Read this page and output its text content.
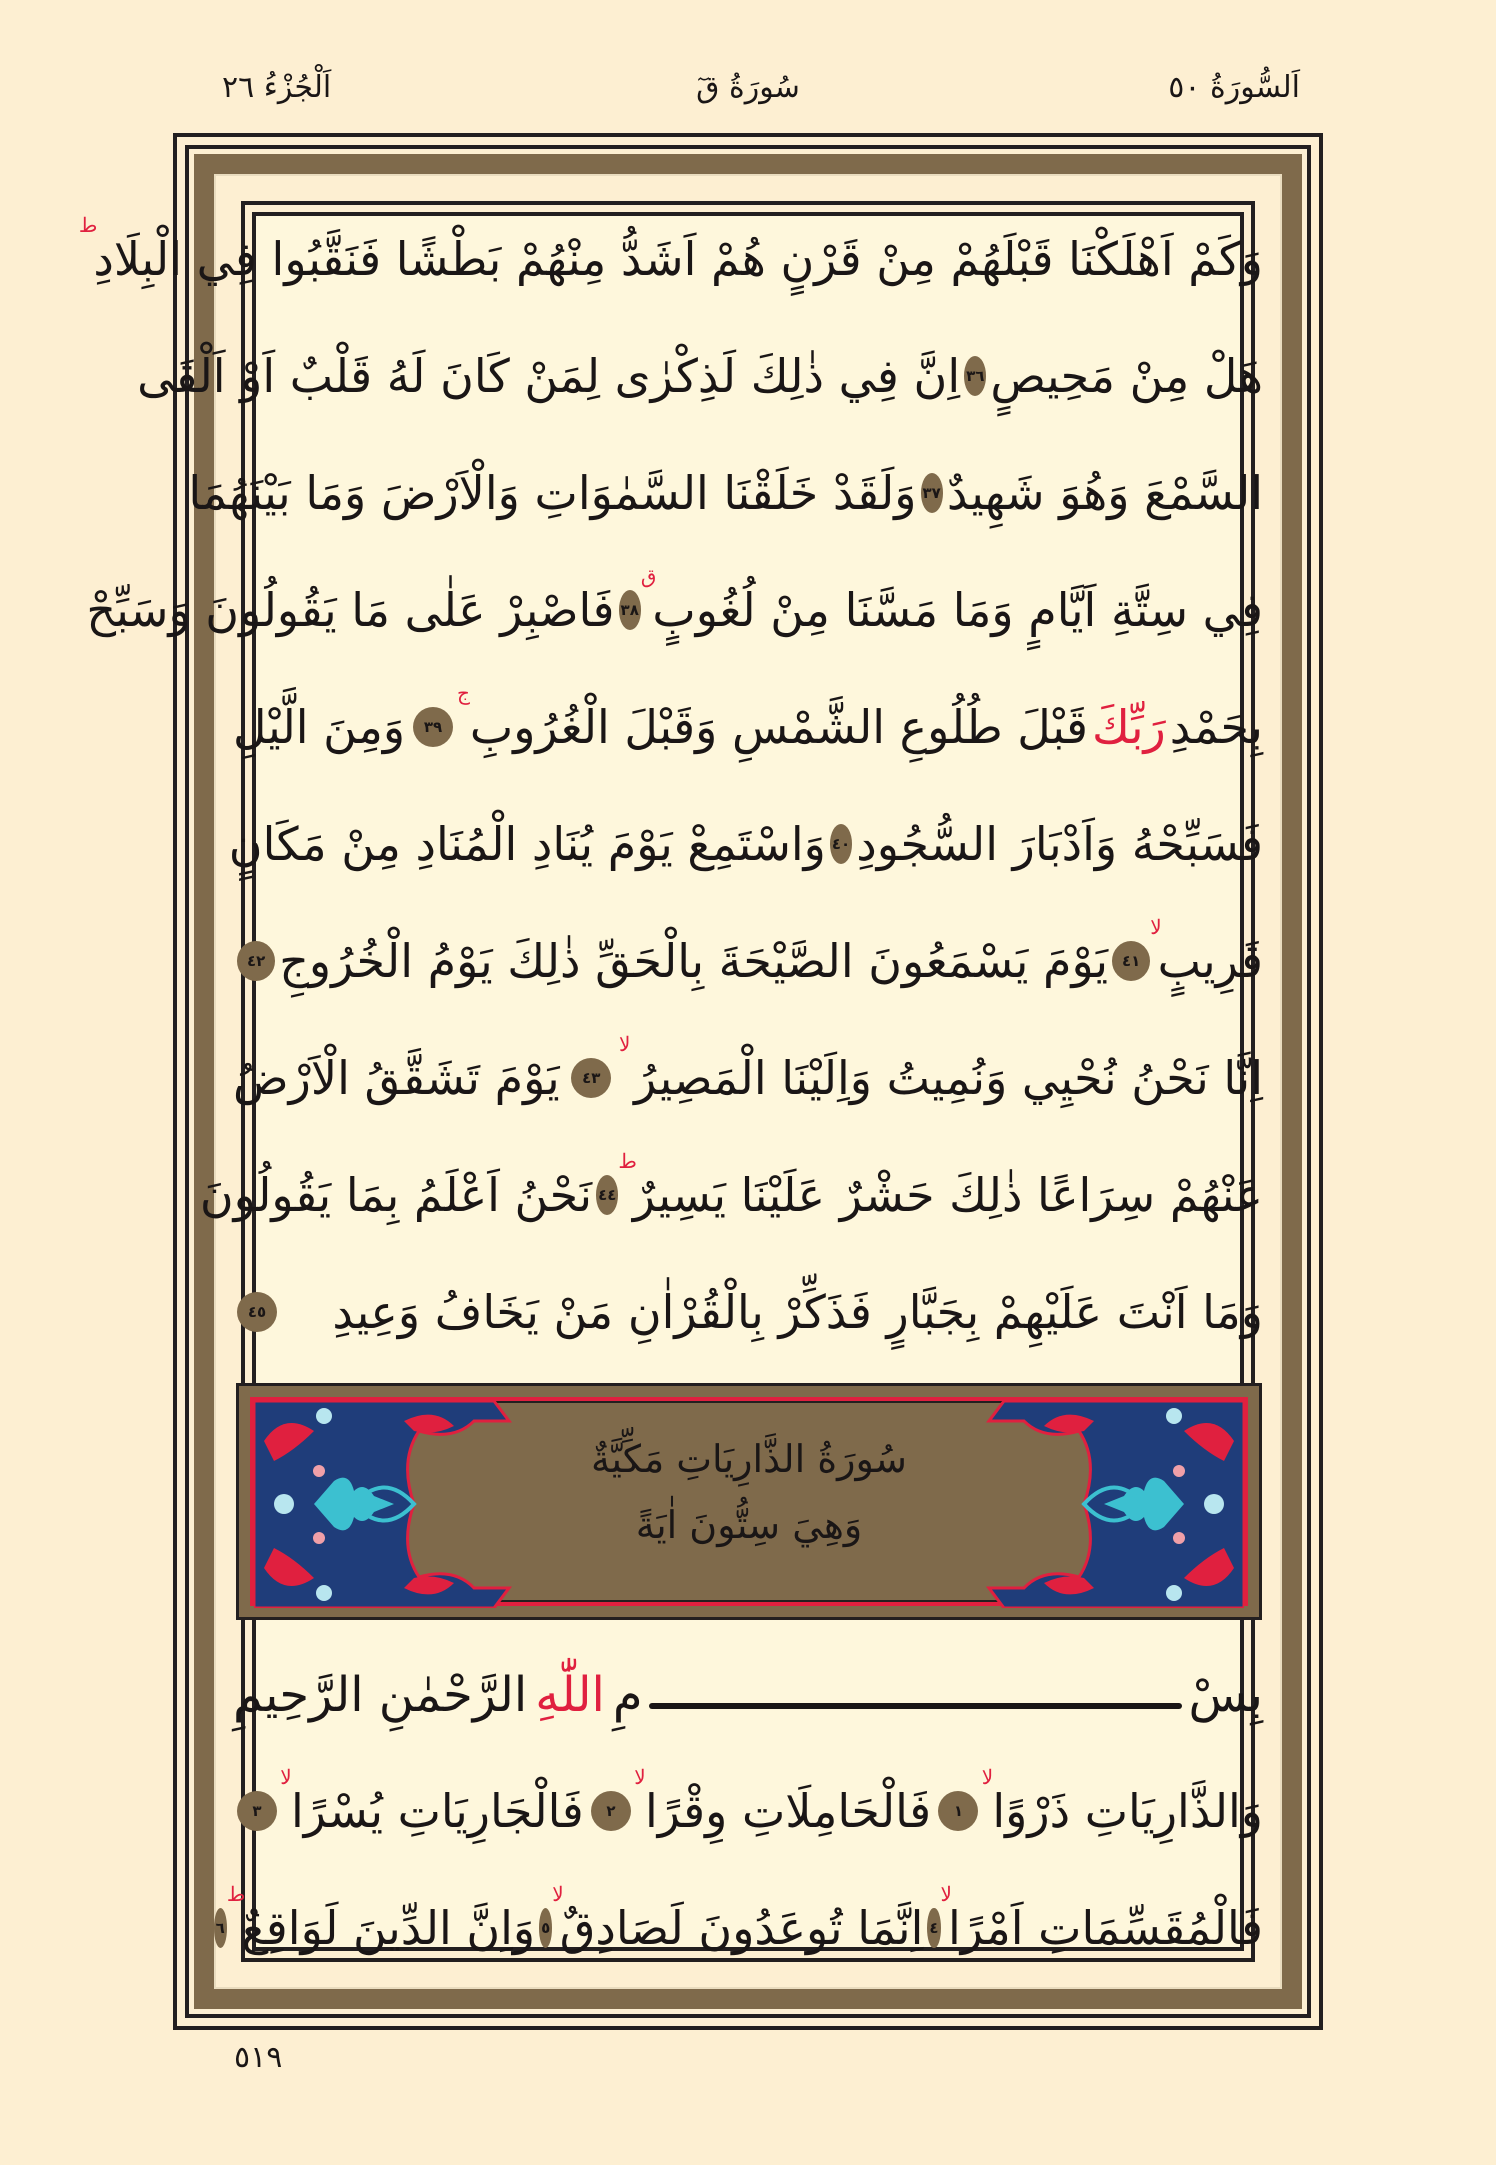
اَلْجُزْءُ ٢٦	سُورَةُ قٓ	اَلسُّورَةُ ٥٠
وَكَمْ اَهْلَكْنَا قَبْلَهُمْ مِنْ قَرْنٍ هُمْ اَشَدُّ مِنْهُمْ بَطْشًا فَنَقَّبُوا فِي الْبِلَادِ
ط
هَلْ مِنْ مَحِيصٍ
٣٦
اِنَّ فِي ذٰلِكَ لَذِكْرٰى لِمَنْ كَانَ لَهُ قَلْبٌ اَوْ اَلْقَى
السَّمْعَ وَهُوَ شَهِيدٌ
٣٧
وَلَقَدْ خَلَقْنَا السَّمٰوَاتِ وَالْاَرْضَ وَمَا بَيْنَهُمَا
فِي سِتَّةِ اَيَّامٍ وَمَا مَسَّنَا مِنْ لُغُوبٍ
ق
٣٨
فَاصْبِرْ عَلٰى مَا يَقُولُونَ وَسَبِّحْ
بِحَمْدِ
رَبِّكَ
قَبْلَ طُلُوعِ الشَّمْسِ وَقَبْلَ الْغُرُوبِ
ج
٣٩
وَمِنَ الَّيْلِ
فَسَبِّحْهُ وَاَدْبَارَ السُّجُودِ
٤٠
وَاسْتَمِعْ يَوْمَ يُنَادِ الْمُنَادِ مِنْ مَكَانٍ
قَرِيبٍ
لا
٤١
يَوْمَ يَسْمَعُونَ الصَّيْحَةَ بِالْحَقِّ ذٰلِكَ يَوْمُ الْخُرُوجِ
٤٢
اِنَّا نَحْنُ نُحْيِي وَنُمِيتُ وَاِلَيْنَا الْمَصِيرُ
لا
٤٣
يَوْمَ تَشَقَّقُ الْاَرْضُ
عَنْهُمْ سِرَاعًا ذٰلِكَ حَشْرٌ عَلَيْنَا يَسِيرٌ
ط
٤٤
نَحْنُ اَعْلَمُ بِمَا يَقُولُونَ
وَمَا اَنْتَ عَلَيْهِمْ بِجَبَّارٍ فَذَكِّرْ بِالْقُرْاٰنِ مَنْ يَخَافُ وَعِيدِ
٤٥
سُورَةُ الذَّارِيَاتِ مَكِّيَّةٌ
وَهِيَ سِتُّونَ اٰيَةً
بِسْ
مِ
اللّٰهِ
الرَّحْمٰنِ الرَّحِيمِ
وَالذَّارِيَاتِ ذَرْوًا
لا
١
فَالْحَامِلَاتِ وِقْرًا
لا
٢
فَالْجَارِيَاتِ يُسْرًا
لا
٣
فَالْمُقَسِّمَاتِ اَمْرًا
لا
٤
اِنَّمَا تُوعَدُونَ لَصَادِقٌ
لا
٥
وَاِنَّ الدِّينَ لَوَاقِعٌ
ط
٦
٥١٩
